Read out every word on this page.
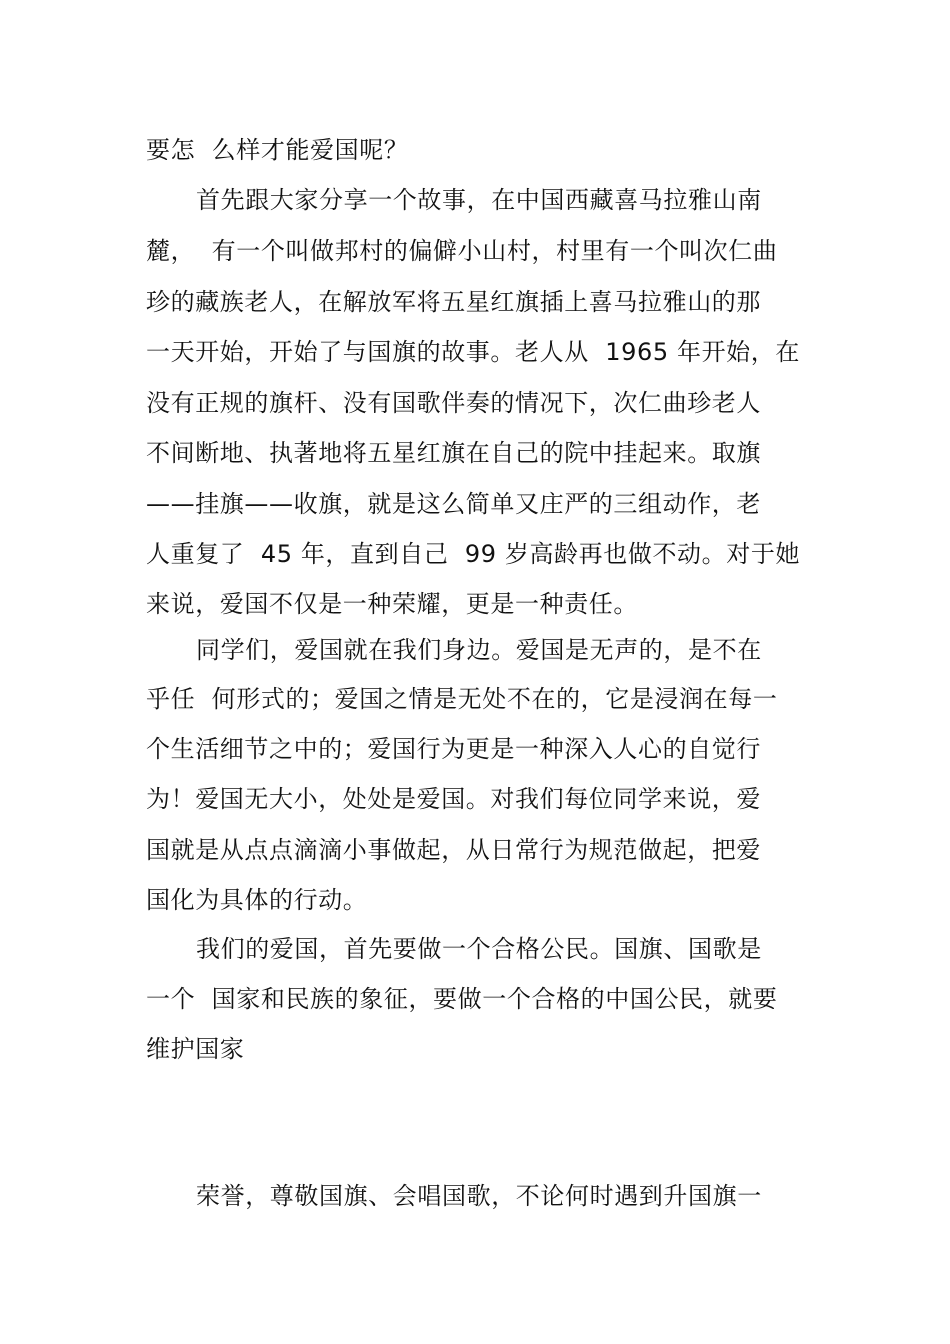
要怎  么样才能爱国呢？
首先跟大家分享一个故事，在中国西藏喜马拉雅山南
麓，  有一个叫做邦村的偏僻小山村，村里有一个叫次仁曲
珍的藏族老人，在解放军将五星红旗插上喜马拉雅山的那
一天开始，开始了与国旗的故事。老人从  1965 年开始，在
没有正规的旗杆、没有国歌伴奏的情况下，次仁曲珍老人
不间断地、执著地将五星红旗在自己的院中挂起来。取旗
——挂旗——收旗，就是这么简单又庄严的三组动作，老
人重复了  45 年，直到自己  99 岁高龄再也做不动。对于她
来说，爱国不仅是一种荣耀，更是一种责任。
同学们，爱国就在我们身边。爱国是无声的，是不在
乎任  何形式的；爱国之情是无处不在的，它是浸润在每一
个生活细节之中的；爱国行为更是一种深入人心的自觉行
为！爱国无大小，处处是爱国。对我们每位同学来说，爱
国就是从点点滴滴小事做起，从日常行为规范做起，把爱
国化为具体的行动。
我们的爱国，首先要做一个合格公民。国旗、国歌是
一个  国家和民族的象征，要做一个合格的中国公民，就要
维护国家
荣誉，尊敬国旗、会唱国歌，不论何时遇到升国旗一
